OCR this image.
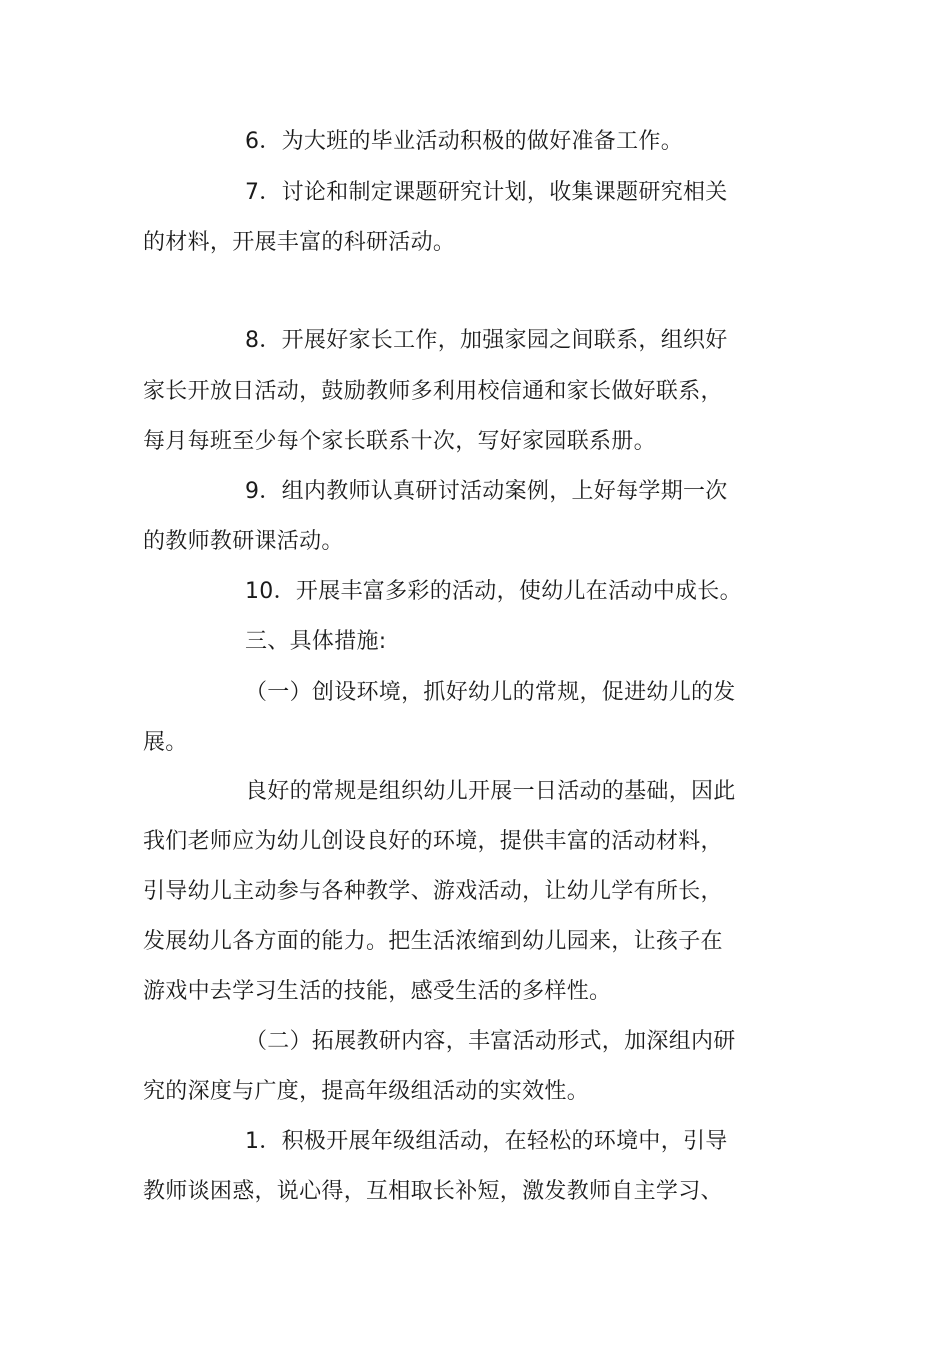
6．为大班的毕业活动积极的做好准备工作。
7．讨论和制定课题研究计划，收集课题研究相关
的材料，开展丰富的科研活动。
8．开展好家长工作，加强家园之间联系，组织好
家长开放日活动，鼓励教师多利用校信通和家长做好联系，
每月每班至少每个家长联系十次，写好家园联系册。
9．组内教师认真研讨活动案例，上好每学期一次
的教师教研课活动。
10．开展丰富多彩的活动，使幼儿在活动中成长。
三、具体措施:
（一）创设环境，抓好幼儿的常规，促进幼儿的发
展。
良好的常规是组织幼儿开展一日活动的基础，因此
我们老师应为幼儿创设良好的环境，提供丰富的活动材料，
引导幼儿主动参与各种教学、游戏活动，让幼儿学有所长，
发展幼儿各方面的能力。把生活浓缩到幼儿园来，让孩子在
游戏中去学习生活的技能，感受生活的多样性。
（二）拓展教研内容，丰富活动形式，加深组内研
究的深度与广度，提高年级组活动的实效性。
1．积极开展年级组活动，在轻松的环境中，引导
教师谈困惑，说心得，互相取长补短，激发教师自主学习、
